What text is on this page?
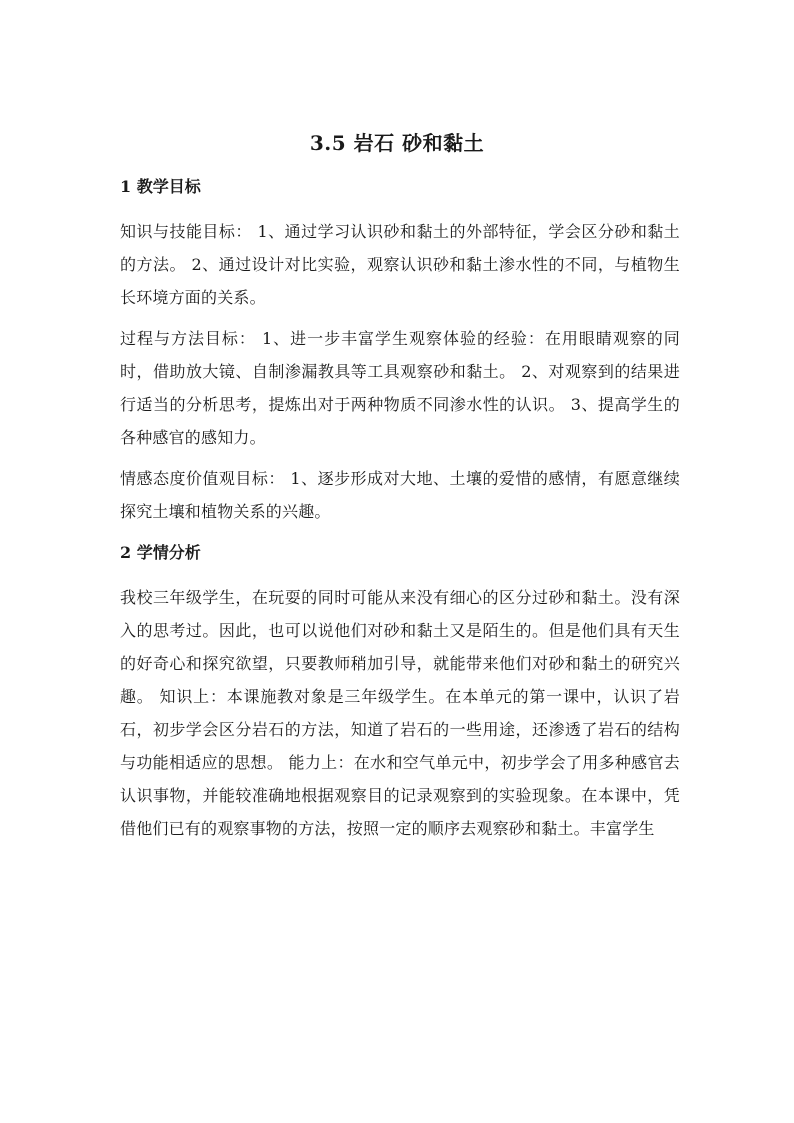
3.5 岩石 砂和黏土
1 教学目标

知识与技能目标： 1、通过学习认识砂和黏土的外部特征，学会区分砂和黏土的方法。 2、通过设计对比实验，观察认识砂和黏土渗水性的不同，与植物生长环境方面的关系。

过程与方法目标： 1、进一步丰富学生观察体验的经验：在用眼睛观察的同时，借助放大镜、自制渗漏教具等工具观察砂和黏土。 2、对观察到的结果进行适当的分析思考，提炼出对于两种物质不同渗水性的认识。 3、提高学生的各种感官的感知力。

情感态度价值观目标： 1、逐步形成对大地、土壤的爱惜的感情，有愿意继续探究土壤和植物关系的兴趣。

2 学情分析

我校三年级学生，在玩耍的同时可能从来没有细心的区分过砂和黏土。没有深入的思考过。因此，也可以说他们对砂和黏土又是陌生的。但是他们具有天生的好奇心和探究欲望，只要教师稍加引导，就能带来他们对砂和黏土的研究兴趣。 知识上：本课施教对象是三年级学生。在本单元的第一课中，认识了岩石，初步学会区分岩石的方法，知道了岩石的一些用途，还渗透了岩石的结构与功能相适应的思想。 能力上：在水和空气单元中，初步学会了用多种感官去认识事物，并能较准确地根据观察目的记录观察到的实验现象。在本课中，凭借他们已有的观察事物的方法，按照一定的顺序去观察砂和黏土。丰富学生
